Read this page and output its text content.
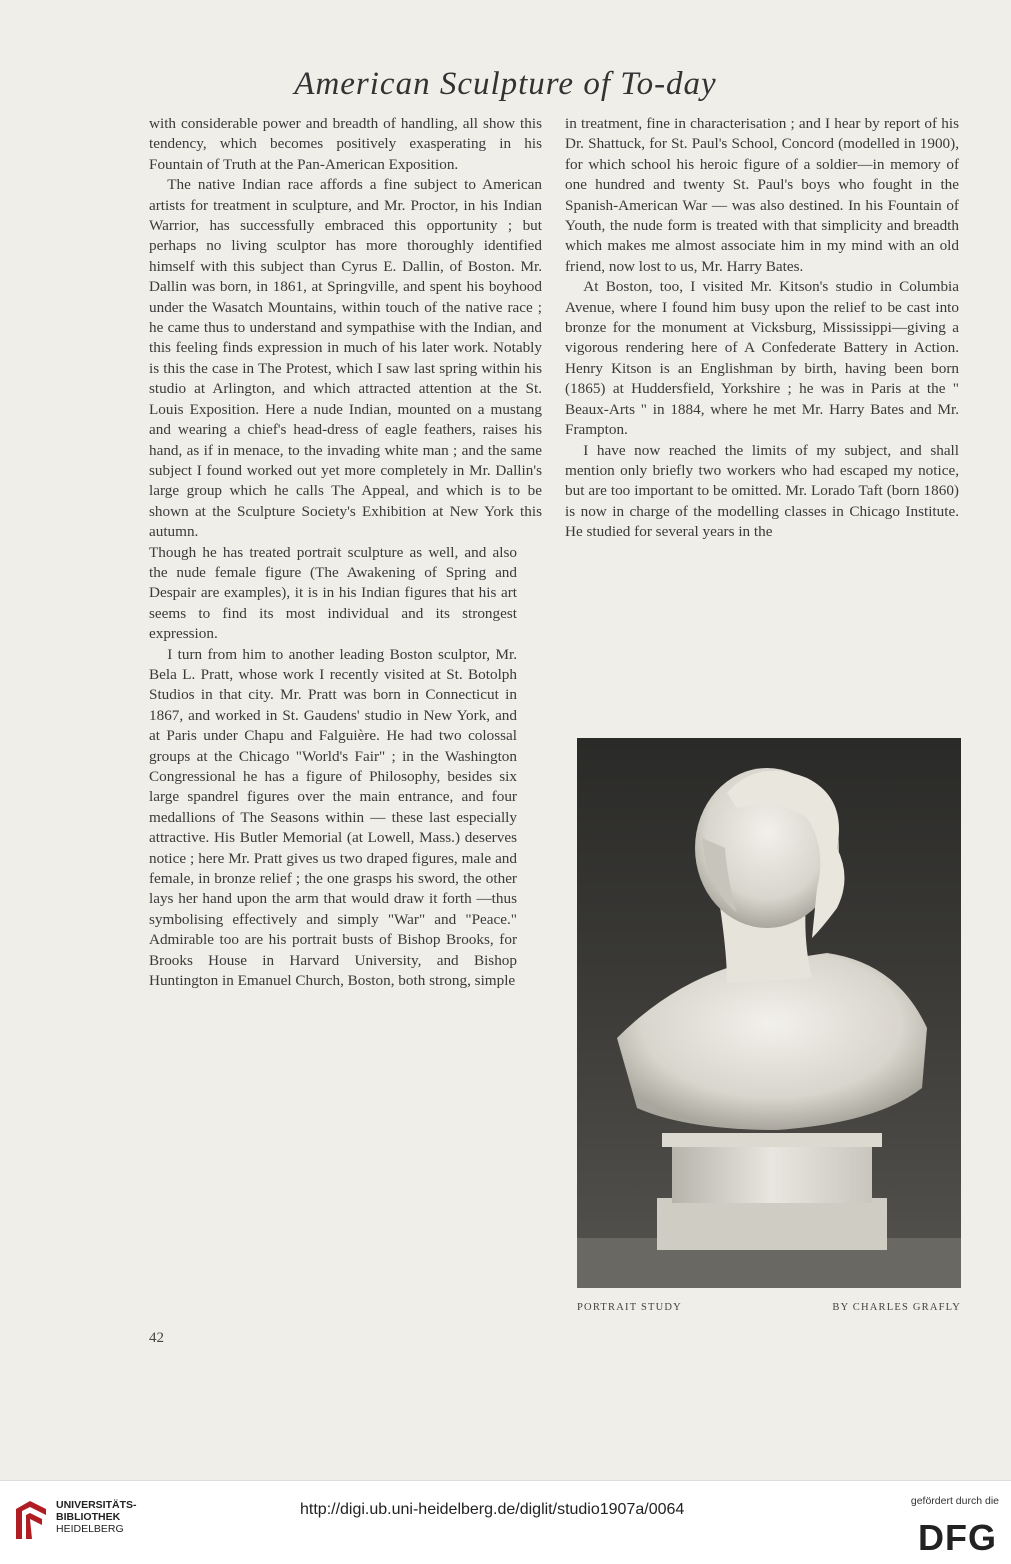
American Sculpture of To-day

with considerable power and breadth of handling, all show this tendency, which becomes positively exasperating in his Fountain of Truth at the Pan-American Exposition.

The native Indian race affords a fine subject to American artists for treatment in sculpture, and Mr. Proctor, in his Indian Warrior, has successfully embraced this opportunity ; but perhaps no living sculptor has more thoroughly identified himself with this subject than Cyrus E. Dallin, of Boston. Mr. Dallin was born, in 1861, at Springville, and spent his boyhood under the Wasatch Mountains, within touch of the native race ; he came thus to understand and sympathise with the Indian, and this feeling finds expression in much of his later work. Notably is this the case in The Protest, which I saw last spring within his studio at Arlington, and which attracted attention at the St. Louis Exposition. Here a nude Indian, mounted on a mustang and wearing a chief's head-dress of eagle feathers, raises his hand, as if in menace, to the invading white man ; and the same subject I found worked out yet more completely in Mr. Dallin's large group which he calls The Appeal, and which is to be shown at the Sculpture Society's Exhibition at New York this autumn.

Though he has treated portrait sculpture as well, and also the nude female figure (The Awakening of Spring and Despair are examples), it is in his Indian figures that his art seems to find its most individual and its strongest expression.

I turn from him to another leading Boston sculptor, Mr. Bela L. Pratt, whose work I recently visited at St. Botolph Studios in that city. Mr. Pratt was born in Connecticut in 1867, and worked in St. Gaudens' studio in New York, and at Paris under Chapu and Falguière. He had two colossal groups at the Chicago "World's Fair" ; in the Washington Congressional he has a figure of Philosophy, besides six large spandrel figures over the main entrance, and four medallions of The Seasons within — these last especially attractive. His Butler Memorial (at Lowell, Mass.) deserves notice ; here Mr. Pratt gives us two draped figures, male and female, in bronze relief ; the one grasps his sword, the other lays her hand upon the arm that would draw it forth —thus symbolising effectively and simply "War" and "Peace." Admirable too are his portrait busts of Bishop Brooks, for Brooks House in Harvard University, and Bishop Huntington in Emanuel Church, Boston, both strong, simple

in treatment, fine in characterisation ; and I hear by report of his Dr. Shattuck, for St. Paul's School, Concord (modelled in 1900), for which school his heroic figure of a soldier—in memory of one hundred and twenty St. Paul's boys who fought in the Spanish-American War — was also destined. In his Fountain of Youth, the nude form is treated with that simplicity and breadth which makes me almost associate him in my mind with an old friend, now lost to us, Mr. Harry Bates.

At Boston, too, I visited Mr. Kitson's studio in Columbia Avenue, where I found him busy upon the relief to be cast into bronze for the monument at Vicksburg, Mississippi—giving a vigorous rendering here of A Confederate Battery in Action. Henry Kitson is an Englishman by birth, having been born (1865) at Huddersfield, Yorkshire ; he was in Paris at the " Beaux-Arts " in 1884, where he met Mr. Harry Bates and Mr. Frampton.

I have now reached the limits of my subject, and shall mention only briefly two workers who had escaped my notice, but are too important to be omitted. Mr. Lorado Taft (born 1860) is now in charge of the modelling classes in Chicago Institute. He studied for several years in the

PORTRAIT STUDY	BY CHARLES GRAFLY
42
UNIVERSITÄTS-
BIBLIOTHEK
HEIDELBERG
http://digi.ub.uni-heidelberg.de/diglit/studio1907a/0064	gefördert durch die
DFG
